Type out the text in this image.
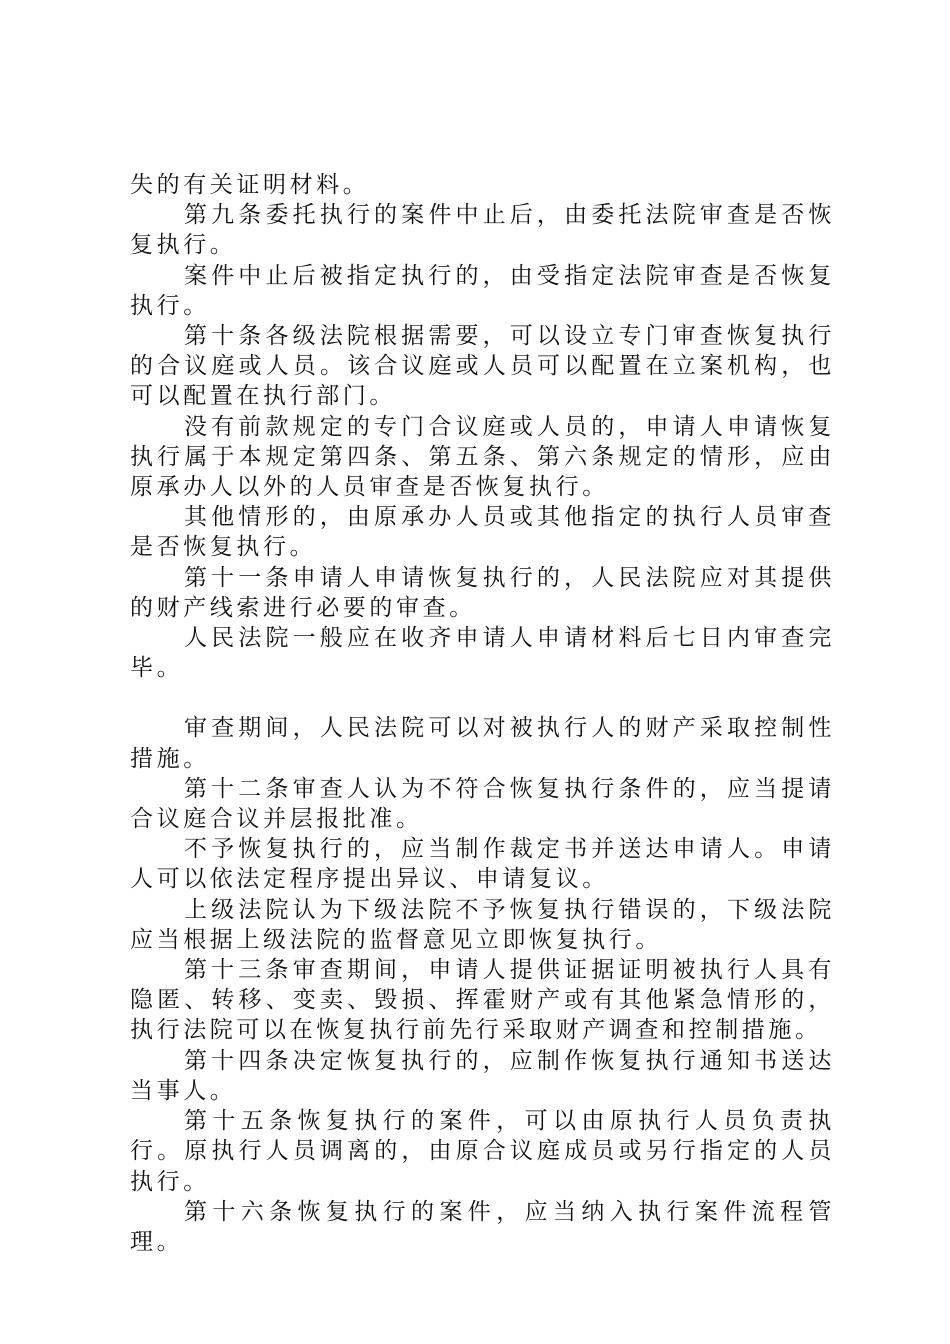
失的有关证明材料。

第九条委托执行的案件中止后，由委托法院审查是否恢复执行。

案件中止后被指定执行的，由受指定法院审查是否恢复执行。

第十条各级法院根据需要，可以设立专门审查恢复执行的合议庭或人员。该合议庭或人员可以配置在立案机构，也可以配置在执行部门。

没有前款规定的专门合议庭或人员的，申请人申请恢复执行属于本规定第四条、第五条、第六条规定的情形，应由原承办人以外的人员审查是否恢复执行。

其他情形的，由原承办人员或其他指定的执行人员审查是否恢复执行。

第十一条申请人申请恢复执行的，人民法院应对其提供的财产线索进行必要的审查。

人民法院一般应在收齐申请人申请材料后七日内审查完毕。

审查期间，人民法院可以对被执行人的财产采取控制性措施。

第十二条审查人认为不符合恢复执行条件的，应当提请合议庭合议并层报批准。

不予恢复执行的，应当制作裁定书并送达申请人。申请人可以依法定程序提出异议、申请复议。

上级法院认为下级法院不予恢复执行错误的，下级法院应当根据上级法院的监督意见立即恢复执行。

第十三条审查期间，申请人提供证据证明被执行人具有隐匿、转移、变卖、毁损、挥霍财产或有其他紧急情形的，执行法院可以在恢复执行前先行采取财产调查和控制措施。

第十四条决定恢复执行的，应制作恢复执行通知书送达当事人。

第十五条恢复执行的案件，可以由原执行人员负责执行。原执行人员调离的，由原合议庭成员或另行指定的人员执行。

第十六条恢复执行的案件，应当纳入执行案件流程管理。
